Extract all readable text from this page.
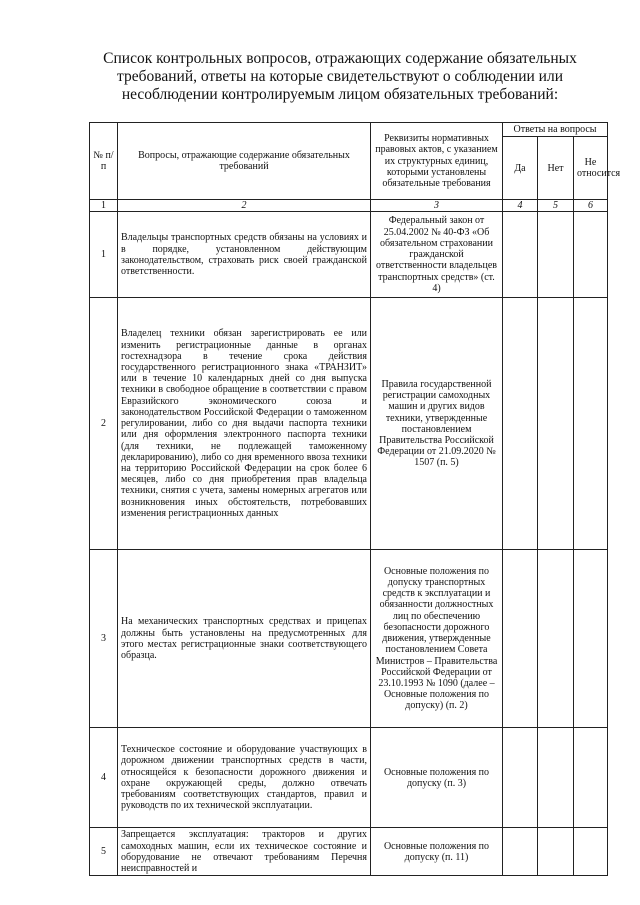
Список контрольных вопросов, отражающих содержание обязательных
требований, ответы на которые свидетельствуют о соблюдении или
несоблюдении контролируемым лицом обязательных требований:
№ п/п	Вопросы, отражающие содержание обязательных требований	Реквизиты нормативных правовых актов, с указанием их структурных единиц, которыми установлены обязательные требования	Ответы на вопросы		
			Да	Нет	Не относится
1	2	3	4	5	6
1	Владельцы транспортных средств обязаны на условиях и в порядке, установленном действующим законодательством, страховать риск своей гражданской ответственности.	Федеральный закон от 25.04.2002 № 40-ФЗ «Об обязательном страховании гражданской ответственности владельцев транспортных средств» (ст. 4)			
2	Владелец техники обязан зарегистрировать ее или изменить регистрационные данные в органах гостехнадзора в течение срока действия государственного регистрационного знака «ТРАНЗИТ» или в течение 10 календарных дней со дня выпуска техники в свободное обращение в соответствии с правом Евразийского экономического союза и законодательством Российской Федерации о таможенном регулировании, либо со дня выдачи паспорта техники или дня оформления электронного паспорта техники (для техники, не подлежащей таможенному декларированию), либо со дня временного ввоза техники на территорию Российской Федерации на срок более 6 месяцев, либо со дня приобретения прав владельца техники, снятия с учета, замены номерных агрегатов или возникновения иных обстоятельств, потребовавших изменения регистрационных данных	Правила государственной регистрации самоходных машин и других видов техники, утвержденные постановлением Правительства Российской Федерации от 21.09.2020 № 1507 (п. 5)			
3	На механических транспортных средствах и прицепах должны быть установлены на предусмотренных для этого местах регистрационные знаки соответствующего образца.	Основные положения по допуску транспортных средств к эксплуатации и обязанности должностных лиц по обеспечению безопасности дорожного движения, утвержденные постановлением Совета Министров – Правительства Российской Федерации от 23.10.1993 № 1090 (далее – Основные положения по допуску) (п. 2)			
4	Техническое состояние и оборудование участвующих в дорожном движении транспортных средств в части, относящейся к безопасности дорожного движения и охране окружающей среды, должно отвечать требованиям соответствующих стандартов, правил и руководств по их технической эксплуатации.	Основные положения по допуску (п. 3)			
5	Запрещается эксплуатация: тракторов и других самоходных машин, если их техническое состояние и оборудование не отвечают требованиям Перечня неисправностей и	Основные положения по допуску (п. 11)			
